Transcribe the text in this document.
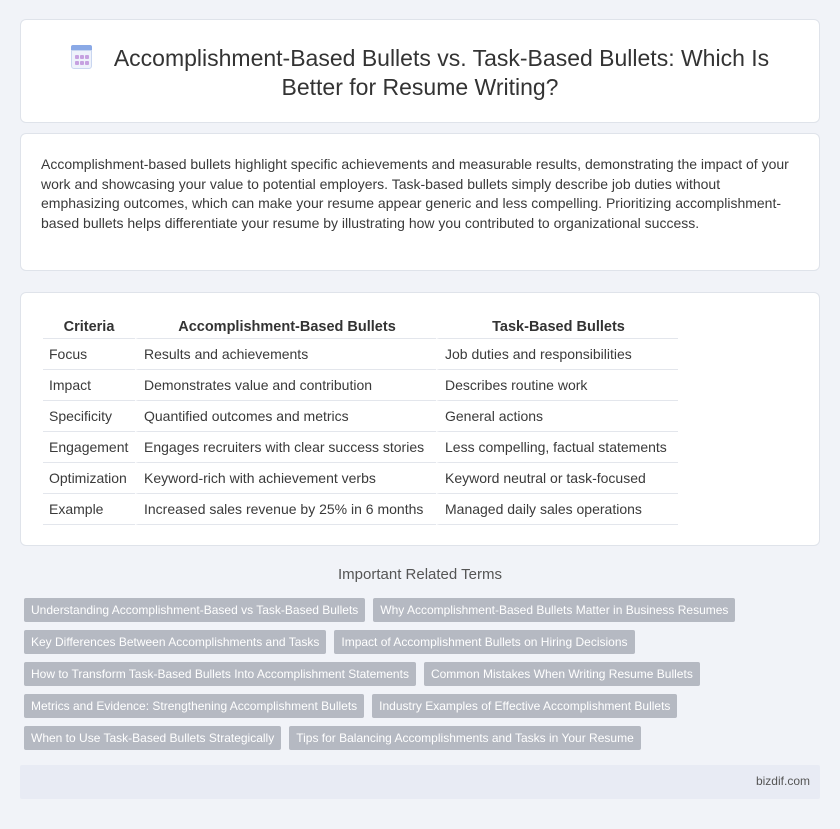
Accomplishment-Based Bullets vs. Task-Based Bullets: Which Is Better for Resume Writing?

Accomplishment-based bullets highlight specific achievements and measurable results, demonstrating the impact of your work and showcasing your value to potential employers. Task-based bullets simply describe job duties without emphasizing outcomes, which can make your resume appear generic and less compelling. Prioritizing accomplishment-based bullets helps differentiate your resume by illustrating how you contributed to organizational success.

Criteria	Accomplishment-Based Bullets	Task-Based Bullets
Focus	Results and achievements	Job duties and responsibilities
Impact	Demonstrates value and contribution	Describes routine work
Specificity	Quantified outcomes and metrics	General actions
Engagement	Engages recruiters with clear success stories	Less compelling, factual statements
Optimization	Keyword-rich with achievement verbs	Keyword neutral or task-focused
Example	Increased sales revenue by 25% in 6 months	Managed daily sales operations
Important Related Terms
Understanding Accomplishment-Based vs Task-Based Bullets	Why Accomplishment-Based Bullets Matter in Business Resumes
Key Differences Between Accomplishments and Tasks	Impact of Accomplishment Bullets on Hiring Decisions
How to Transform Task-Based Bullets Into Accomplishment Statements	Common Mistakes When Writing Resume Bullets
Metrics and Evidence: Strengthening Accomplishment Bullets	Industry Examples of Effective Accomplishment Bullets
When to Use Task-Based Bullets Strategically	Tips for Balancing Accomplishments and Tasks in Your Resume
bizdif.com
